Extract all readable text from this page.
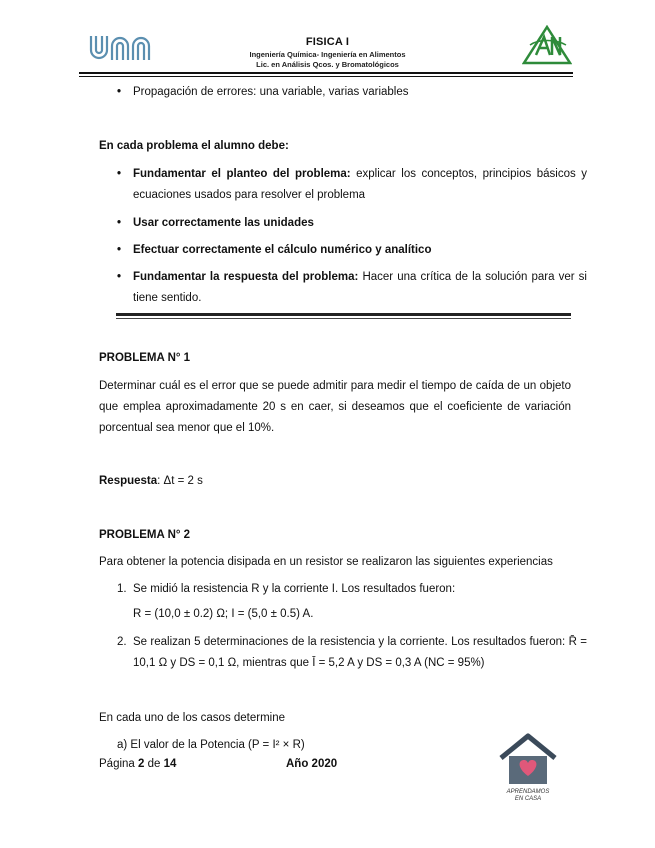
FISICA I
Ingeniería Química- Ingeniería en Alimentos
Lic. en Análisis Qcos. y Bromatológicos
• Propagación de errores: una variable, varias variables
En cada problema el alumno debe:
• Fundamentar el planteo del problema: explicar los conceptos, principios básicos y ecuaciones usados para resolver el problema
• Usar correctamente las unidades
• Efectuar correctamente el cálculo numérico y analítico
• Fundamentar la respuesta del problema: Hacer una crítica de la solución para ver si tiene sentido.
PROBLEMA N° 1
Determinar cuál es el error que se puede admitir para medir el tiempo de caída de un objeto que emplea aproximadamente 20 s en caer, si deseamos que el coeficiente de variación porcentual sea menor que el 10%.
Respuesta: Δt = 2 s
PROBLEMA N° 2
Para obtener la potencia disipada en un resistor se realizaron las siguientes experiencias
1. Se midió la resistencia R y la corriente I. Los resultados fueron:
R = (10,0 ± 0.2) Ω; I = (5,0 ± 0.5) A.
2. Se realizan 5 determinaciones de la resistencia y la corriente. Los resultados fueron: R̄ = 10,1 Ω y DS = 0,1 Ω, mientras que Ī = 5,2 A y DS = 0,3 A (NC = 95%)
En cada uno de los casos determine
a) El valor de la Potencia (P = I² × R)
Página 2 de 14	Año 2020
APRENDAMOS
EN CASA
